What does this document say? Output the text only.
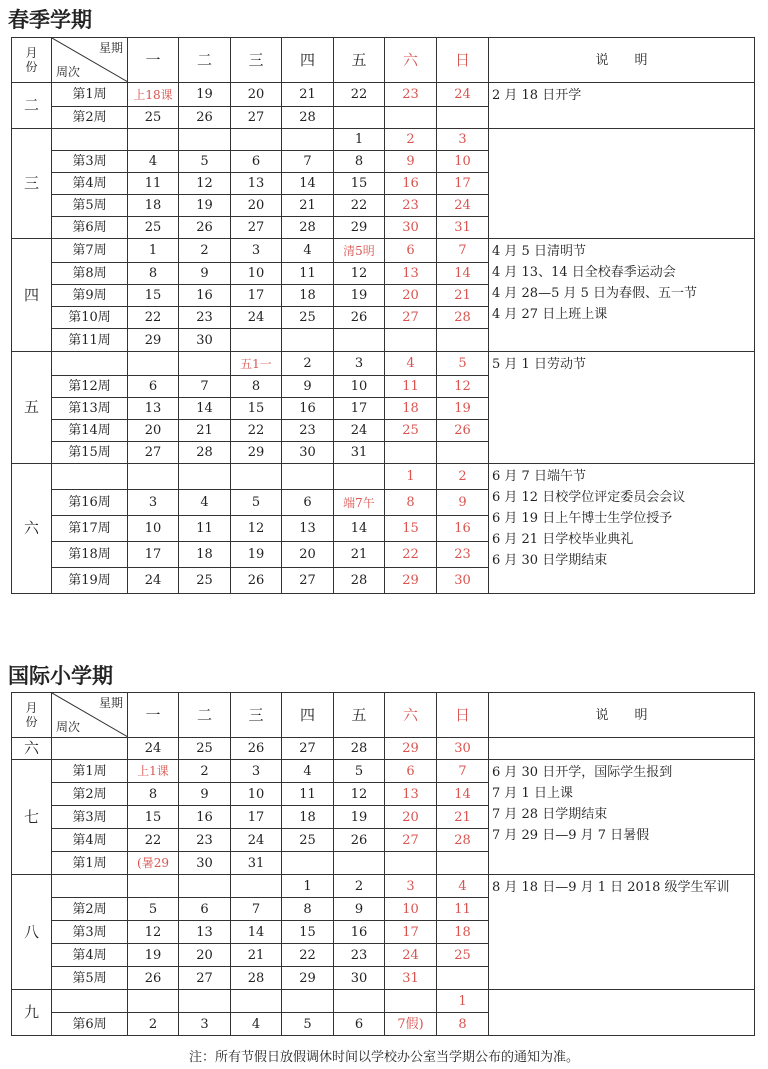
春季学期
月份	星期
周次	一	二	三	四	五	六	日	说　　明
二	第1周	上18课	19	20	21	22	23	24	2 月 18 日开学

	第2周	25	26	27	28				
三						1	2	3	
	第3周	4	5	6	7	8	9	10	
	第4周	11	12	13	14	15	16	17	
	第5周	18	19	20	21	22	23	24	
	第6周	25	26	27	28	29	30	31	
四	第7周	1	2	3	4	清5明	6	7	4 月 5 日清明节
4 月 13、14 日全校春季运动会
4 月 28—5 月 5 日为春假、五一节
4 月 27 日上班上课

	第8周	8	9	10	11	12	13	14	
	第9周	15	16	17	18	19	20	21	
	第10周	22	23	24	25	26	27	28	
	第11周	29	30						
五				五1一	2	3	4	5	5 月 1 日劳动节

	第12周	6	7	8	9	10	11	12	
	第13周	13	14	15	16	17	18	19	
	第14周	20	21	22	23	24	25	26	
	第15周	27	28	29	30	31			
六							1	2	6 月 7 日端午节
6 月 12 日校学位评定委员会会议
6 月 19 日上午博士生学位授予
6 月 21 日学校毕业典礼
6 月 30 日学期结束

	第16周	3	4	5	6	端7午	8	9	
	第17周	10	11	12	13	14	15	16	
	第18周	17	18	19	20	21	22	23	
	第19周	24	25	26	27	28	29	30	
国际小学期
月份	星期
周次	一	二	三	四	五	六	日	说　　明
六		24	25	26	27	28	29	30	
七	第1周	上1课	2	3	4	5	6	7	6 月 30 日开学，国际学生报到
7 月 1 日上课
7 月 28 日学期结束
7 月 29 日—9 月 7 日暑假

	第2周	8	9	10	11	12	13	14	
	第3周	15	16	17	18	19	20	21	
	第4周	22	23	24	25	26	27	28	
	第1周	(暑29	30	31					
八					1	2	3	4	8 月 18 日—9 月 1 日 2018 级学生军训

	第2周	5	6	7	8	9	10	11	
	第3周	12	13	14	15	16	17	18	
	第4周	19	20	21	22	23	24	25	
	第5周	26	27	28	29	30	31		
九								1	
	第6周	2	3	4	5	6	7假)	8	
注：所有节假日放假调休时间以学校办公室当学期公布的通知为准。
